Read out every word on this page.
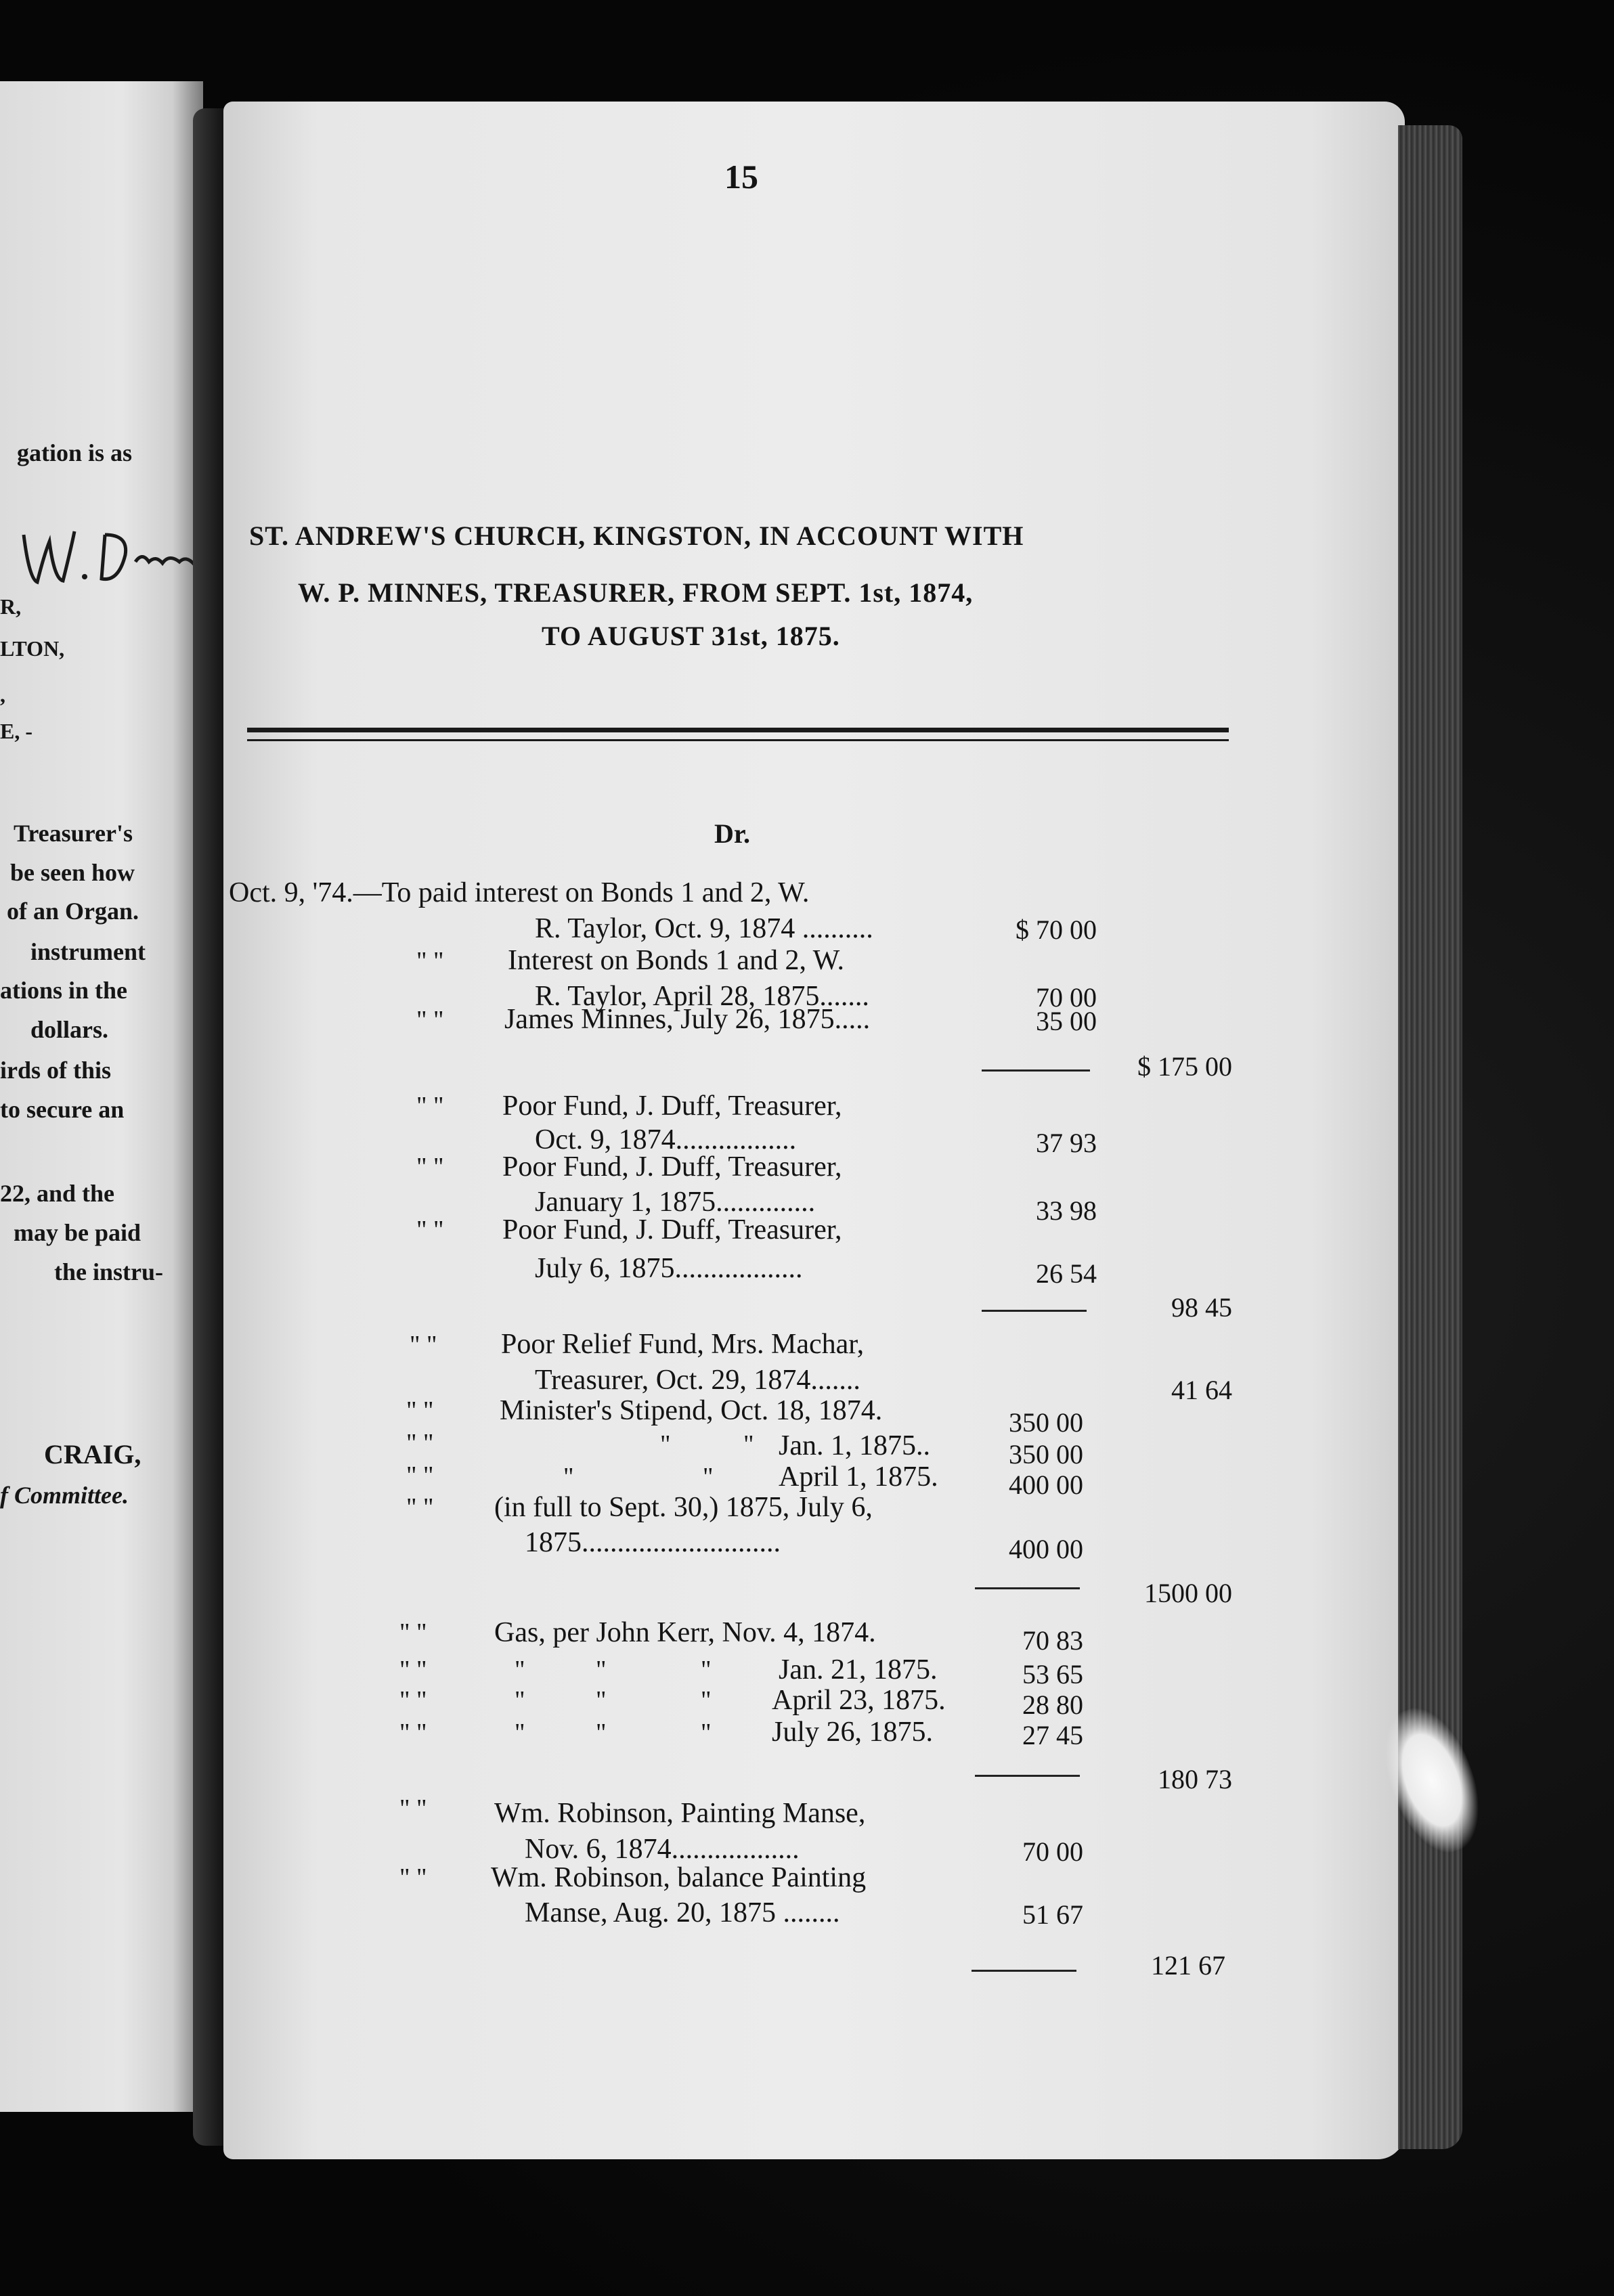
gation is as
R,
LTON,
,
E, -
Treasurer's
be seen how
of an Organ.
instrument
ations in the
dollars.
irds of this
to secure an
22, and the
may be paid
the instru-
CRAIG,
f Committee.
15
ST. ANDREW'S CHURCH, KINGSTON, IN ACCOUNT WITH
W. P. MINNES, TREASURER, FROM SEPT. 1st, 1874,
TO AUGUST 31st, 1875.
Dr.
Oct. 9, '74.—To paid interest on Bonds 1 and 2, W.
R. Taylor, Oct. 9, 1874 ..........	$ 70 00
" " Interest on Bonds 1 and 2, W.
R. Taylor, April 28, 1875.......	70 00
" " James Minnes, July 26, 1875.....	35 00
$ 175 00
" " Poor Fund, J. Duff, Treasurer,
Oct. 9, 1874.................	37 93
" " Poor Fund, J. Duff, Treasurer,
January 1, 1875..............	33 98
" " Poor Fund, J. Duff, Treasurer,
July 6, 1875..................	26 54
98 45
" " Poor Relief Fund, Mrs. Machar,
Treasurer, Oct. 29, 1874.......	41 64
" " Minister's Stipend, Oct. 18, 1874.	350 00
" "	"	" Jan. 1, 1875..	350 00
" "	"	" April 1, 1875.	400 00
" " (in full to Sept. 30,) 1875, July 6,
1875............................	400 00
1500 00
" " Gas, per John Kerr, Nov. 4, 1874.	70 83
" "	"	"	" Jan. 21, 1875.	53 65
" "	"	"	" April 23, 1875.	28 80
" "	"	"	" July 26, 1875.	27 45
180 73
" " Wm. Robinson, Painting Manse,
Nov. 6, 1874..................	70 00
" " Wm. Robinson, balance Painting
Manse, Aug. 20, 1875 ........	51 67
121 67
